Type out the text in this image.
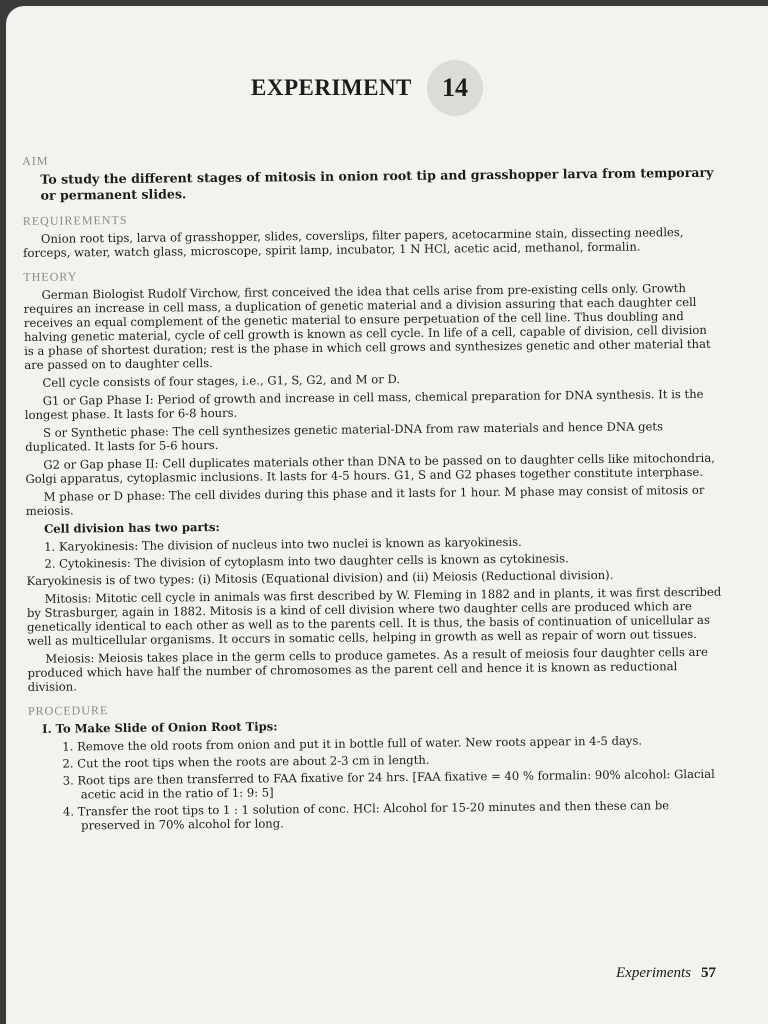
EXPERIMENT 14
AIM

To study the different stages of mitosis in onion root tip and grasshopper larva from temporary or permanent slides.

REQUIREMENTS

Onion root tips, larva of grasshopper, slides, coverslips, filter papers, acetocarmine stain, dissecting needles, forceps, water, watch glass, microscope, spirit lamp, incubator, 1 N HCl, acetic acid, methanol, formalin.

THEORY

German Biologist Rudolf Virchow, first conceived the idea that cells arise from pre-existing cells only. Growth requires an increase in cell mass, a duplication of genetic material and a division assuring that each daughter cell receives an equal complement of the genetic material to ensure perpetuation of the cell line. Thus doubling and halving genetic material, cycle of cell growth is known as cell cycle. In life of a cell, capable of division, cell division is a phase of shortest duration; rest is the phase in which cell grows and synthesizes genetic and other material that are passed on to daughter cells.

Cell cycle consists of four stages, i.e., G1, S, G2, and M or D.

G1 or Gap Phase I: Period of growth and increase in cell mass, chemical preparation for DNA synthesis. It is the longest phase. It lasts for 6-8 hours.

S or Synthetic phase: The cell synthesizes genetic material-DNA from raw materials and hence DNA gets duplicated. It lasts for 5-6 hours.

G2 or Gap phase II: Cell duplicates materials other than DNA to be passed on to daughter cells like mitochondria, Golgi apparatus, cytoplasmic inclusions. It lasts for 4-5 hours. G1, S and G2 phases together constitute interphase.

M phase or D phase: The cell divides during this phase and it lasts for 1 hour. M phase may consist of mitosis or meiosis.

Cell division has two parts:

1. Karyokinesis: The division of nucleus into two nuclei is known as karyokinesis.

2. Cytokinesis: The division of cytoplasm into two daughter cells is known as cytokinesis.

Karyokinesis is of two types: (i) Mitosis (Equational division) and (ii) Meiosis (Reductional division).

Mitosis: Mitotic cell cycle in animals was first described by W. Fleming in 1882 and in plants, it was first described by Strasburger, again in 1882. Mitosis is a kind of cell division where two daughter cells are produced which are genetically identical to each other as well as to the parents cell. It is thus, the basis of continuation of unicellular as well as multicellular organisms. It occurs in somatic cells, helping in growth as well as repair of worn out tissues.

Meiosis: Meiosis takes place in the germ cells to produce gametes. As a result of meiosis four daughter cells are produced which have half the number of chromosomes as the parent cell and hence it is known as reductional division.

PROCEDURE

I. To Make Slide of Onion Root Tips:

1. Remove the old roots from onion and put it in bottle full of water. New roots appear in 4-5 days.

2. Cut the root tips when the roots are about 2-3 cm in length.

3. Root tips are then transferred to FAA fixative for 24 hrs. [FAA fixative = 40 % formalin: 90% alcohol: Glacial acetic acid in the ratio of 1: 9: 5]

4. Transfer the root tips to 1 : 1 solution of conc. HCl: Alcohol for 15-20 minutes and then these can be preserved in 70% alcohol for long.

Experiments 57
